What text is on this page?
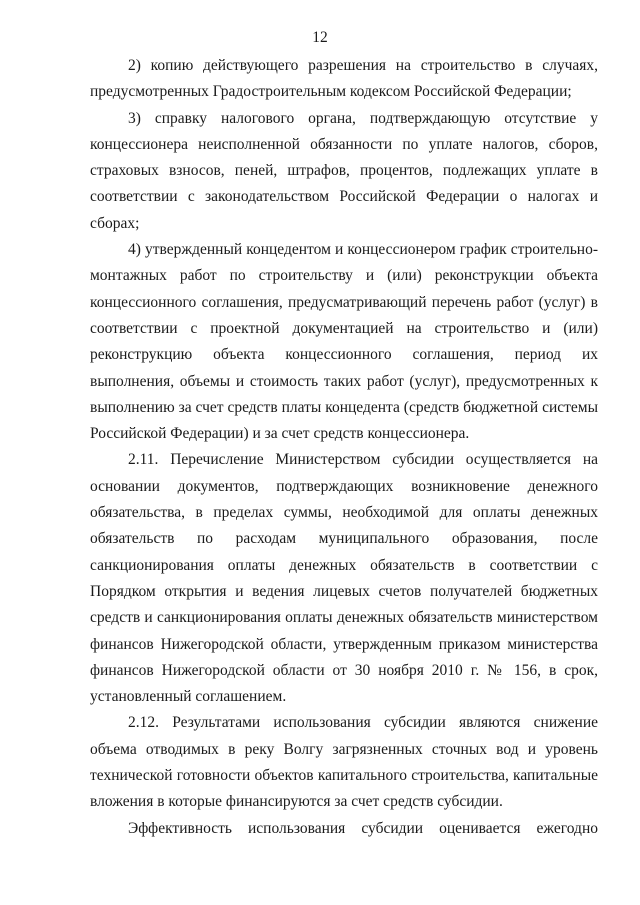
12

2) копию действующего разрешения на строительство в случаях, предусмотренных Градостроительным кодексом Российской Федерации;

3) справку налогового органа, подтверждающую отсутствие у концессионера неисполненной обязанности по уплате налогов, сборов, страховых взносов, пеней, штрафов, процентов, подлежащих уплате в соответствии с законодательством Российской Федерации о налогах и сборах;

4) утвержденный концедентом и концессионером график строительно-монтажных работ по строительству и (или) реконструкции объекта концессионного соглашения, предусматривающий перечень работ (услуг) в соответствии с проектной документацией на строительство и (или) реконструкцию объекта концессионного соглашения, период их выполнения, объемы и стоимость таких работ (услуг), предусмотренных к выполнению за счет средств платы концедента (средств бюджетной системы Российской Федерации) и за счет средств концессионера.

2.11. Перечисление Министерством субсидии осуществляется на основании документов, подтверждающих возникновение денежного обязательства, в пределах суммы, необходимой для оплаты денежных обязательств по расходам муниципального образования, после санкционирования оплаты денежных обязательств в соответствии с Порядком открытия и ведения лицевых счетов получателей бюджетных средств и санкционирования оплаты денежных обязательств министерством финансов Нижегородской области, утвержденным приказом министерства финансов Нижегородской области от 30 ноября 2010 г. № 156, в срок, установленный соглашением.

2.12. Результатами использования субсидии являются снижение объема отводимых в реку Волгу загрязненных сточных вод и уровень технической готовности объектов капитального строительства, капитальные вложения в которые финансируются за счет средств субсидии.

Эффективность использования субсидии оценивается ежегодно
